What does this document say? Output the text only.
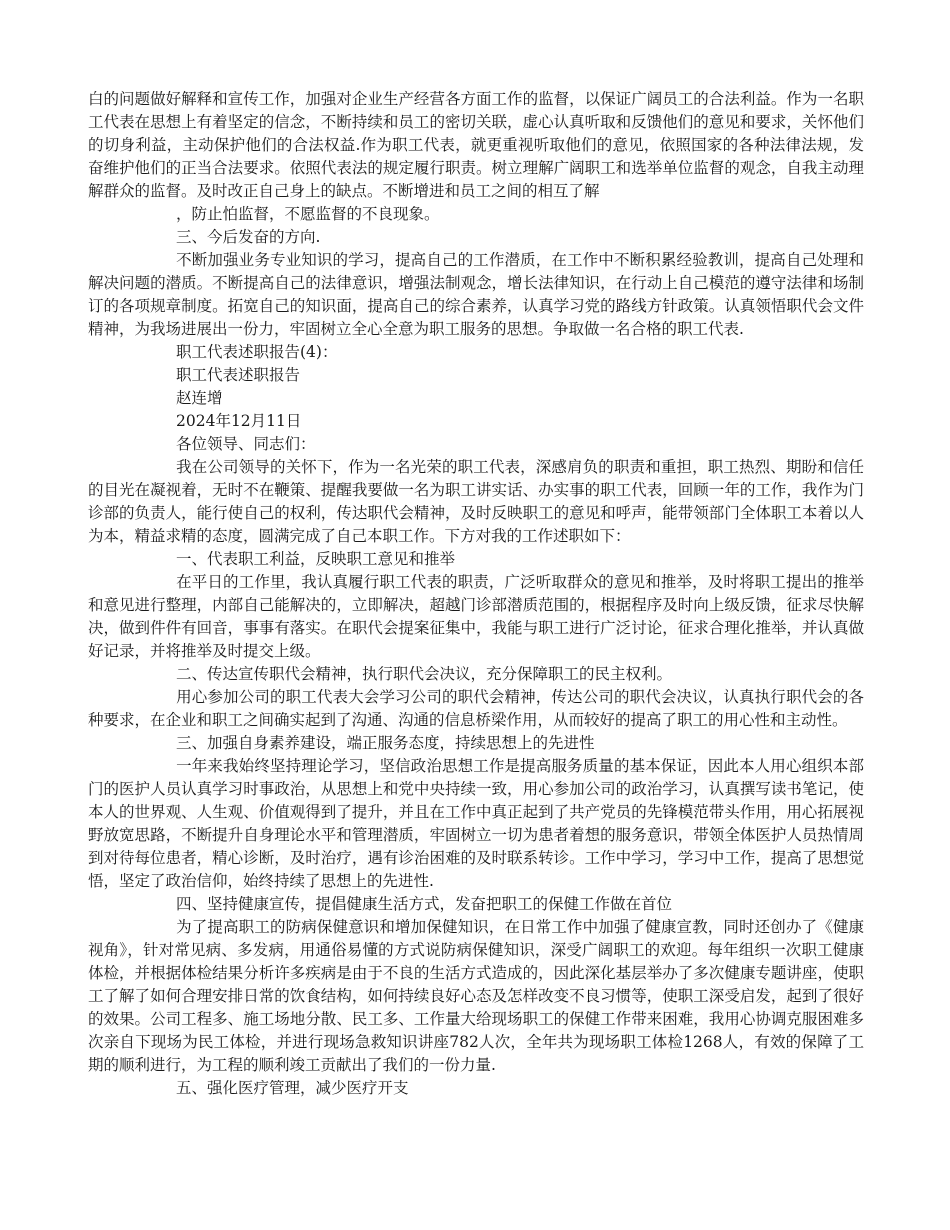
白的问题做好解释和宣传工作，加强对企业生产经营各方面工作的监督，以保证广阔员工的合法利益。作为一名职工代表在思想上有着坚定的信念，不断持续和员工的密切关联，虚心认真听取和反馈他们的意见和要求，关怀他们的切身利益，主动保护他们的合法权益.作为职工代表，就更重视听取他们的意见，依照国家的各种法律法规，发奋维护他们的正当合法要求。依照代表法的规定履行职责。树立理解广阔职工和选举单位监督的观念，自我主动理解群众的监督。及时改正自己身上的缺点。不断增进和员工之间的相互了解

，防止怕监督，不愿监督的不良现象。

三、今后发奋的方向.

不断加强业务专业知识的学习，提高自己的工作潜质，在工作中不断积累经验教训，提高自己处理和解决问题的潜质。不断提高自己的法律意识，增强法制观念，增长法律知识，在行动上自己模范的遵守法律和场制订的各项规章制度。拓宽自己的知识面，提高自己的综合素养，认真学习党的路线方针政策。认真领悟职代会文件精神，为我场进展出一份力，牢固树立全心全意为职工服务的思想。争取做一名合格的职工代表.

职工代表述职报告(4)：

职工代表述职报告

赵连增

2024年12月11日

各位领导、同志们：

我在公司领导的关怀下，作为一名光荣的职工代表，深感肩负的职责和重担，职工热烈、期盼和信任的目光在凝视着，无时不在鞭策、提醒我要做一名为职工讲实话、办实事的职工代表，回顾一年的工作，我作为门诊部的负责人，能行使自己的权利，传达职代会精神，及时反映职工的意见和呼声，能带领部门全体职工本着以人为本，精益求精的态度，圆满完成了自己本职工作。下方对我的工作述职如下：

一、代表职工利益，反映职工意见和推举

在平日的工作里，我认真履行职工代表的职责，广泛听取群众的意见和推举，及时将职工提出的推举和意见进行整理，内部自己能解决的，立即解决，超越门诊部潜质范围的，根据程序及时向上级反馈，征求尽快解决，做到件件有回音，事事有落实。在职代会提案征集中，我能与职工进行广泛讨论，征求合理化推举，并认真做好记录，并将推举及时提交上级。

二、传达宣传职代会精神，执行职代会决议，充分保障职工的民主权利。

用心参加公司的职工代表大会学习公司的职代会精神，传达公司的职代会决议，认真执行职代会的各种要求，在企业和职工之间确实起到了沟通、沟通的信息桥梁作用，从而较好的提高了职工的用心性和主动性。

三、加强自身素养建设，端正服务态度，持续思想上的先进性

一年来我始终坚持理论学习，坚信政治思想工作是提高服务质量的基本保证，因此本人用心组织本部门的医护人员认真学习时事政治，从思想上和党中央持续一致，用心参加公司的政治学习，认真撰写读书笔记，使本人的世界观、人生观、价值观得到了提升，并且在工作中真正起到了共产党员的先锋模范带头作用，用心拓展视野放宽思路，不断提升自身理论水平和管理潜质，牢固树立一切为患者着想的服务意识，带领全体医护人员热情周到对待每位患者，精心诊断，及时治疗，遇有诊治困难的及时联系转诊。工作中学习，学习中工作，提高了思想觉悟，坚定了政治信仰，始终持续了思想上的先进性.

四、坚持健康宣传，提倡健康生活方式，发奋把职工的保健工作做在首位

为了提高职工的防病保健意识和增加保健知识，在日常工作中加强了健康宣教，同时还创办了《健康视角》，针对常见病、多发病，用通俗易懂的方式说防病保健知识，深受广阔职工的欢迎。每年组织一次职工健康体检，并根据体检结果分析许多疾病是由于不良的生活方式造成的，因此深化基层举办了多次健康专题讲座，使职工了解了如何合理安排日常的饮食结构，如何持续良好心态及怎样改变不良习惯等，使职工深受启发，起到了很好的效果。公司工程多、施工场地分散、民工多、工作量大给现场职工的保健工作带来困难，我用心协调克服困难多次亲自下现场为民工体检，并进行现场急救知识讲座782人次，全年共为现场职工体检1268人，有效的保障了工期的顺利进行，为工程的顺利竣工贡献出了我们的一份力量.

五、强化医疗管理，减少医疗开支
